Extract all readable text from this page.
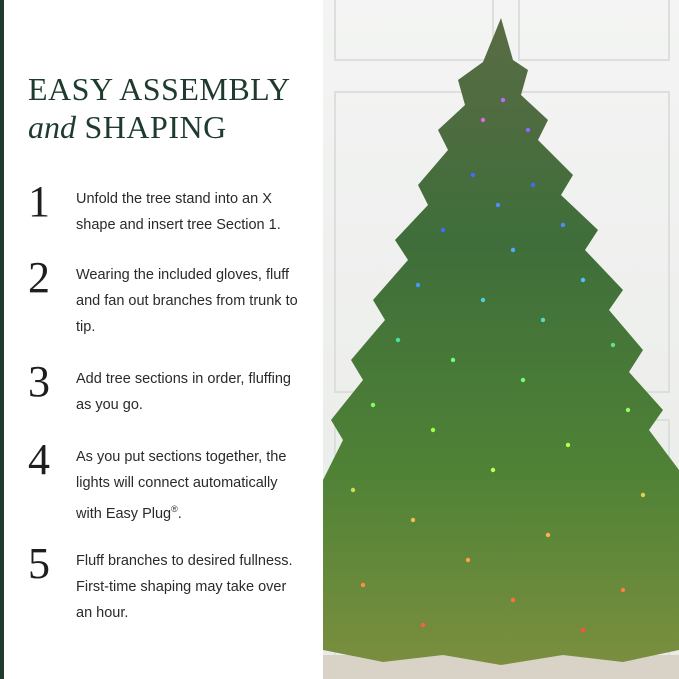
EASY ASSEMBLY
and SHAPING
1	Unfold the tree stand into an X shape and insert tree Section 1.
2	Wearing the included gloves, fluff and fan out branches from trunk to tip.
3	Add tree sections in order, fluffing as you go.
4	As you put sections together, the lights will connect automatically with Easy Plug®.
5	Fluff branches to desired fullness. First-time shaping may take over an hour.
